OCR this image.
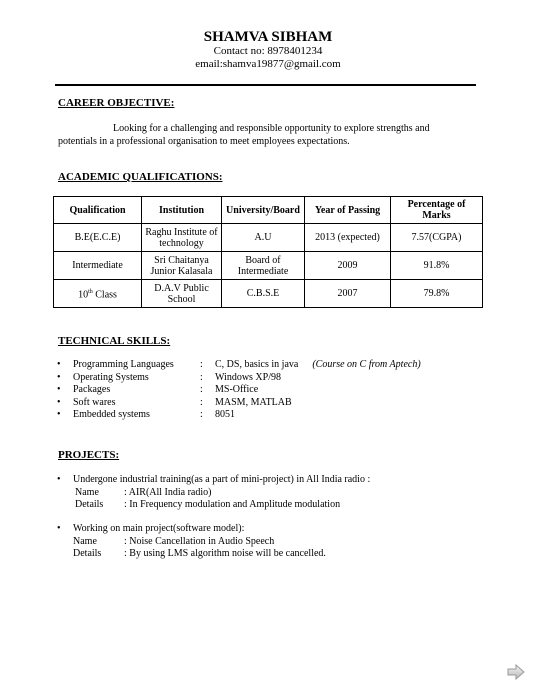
SHAMVA SIBHAM
Contact no: 8978401234
email:shamva19877@gmail.com
CAREER OBJECTIVE:
Looking for a challenging and responsible opportunity to explore strengths and
potentials in a professional organisation to meet employees expectations.
ACADEMIC QUALIFICATIONS:
Qualification	Institution	University/Board	Year of Passing	Percentage of Marks
B.E(E.C.E)	Raghu Institute of technology	A.U	2013 (expected)	7.57(CGPA)
Intermediate	Sri Chaitanya Junior Kalasala	Board of Intermediate	2009	91.8%
10th Class	D.A.V Public School	C.B.S.E	2007	79.8%
TECHNICAL SKILLS:
•	Programming Languages	: C, DS, basics in java (Course on C from Aptech)
•	Operating Systems	: Windows XP/98
•	Packages	: MS-Office
•	Soft wares	: MASM, MATLAB
•	Embedded systems	: 8051
PROJECTS:
• Undergone industrial training(as a part of mini-project) in All India radio :
Name	: AIR(All India radio)
Details : In Frequency modulation and Amplitude modulation
• Working on main project(software model):
Name	: Noise Cancellation in Audio Speech
Details : By using LMS algorithm noise will be cancelled.
